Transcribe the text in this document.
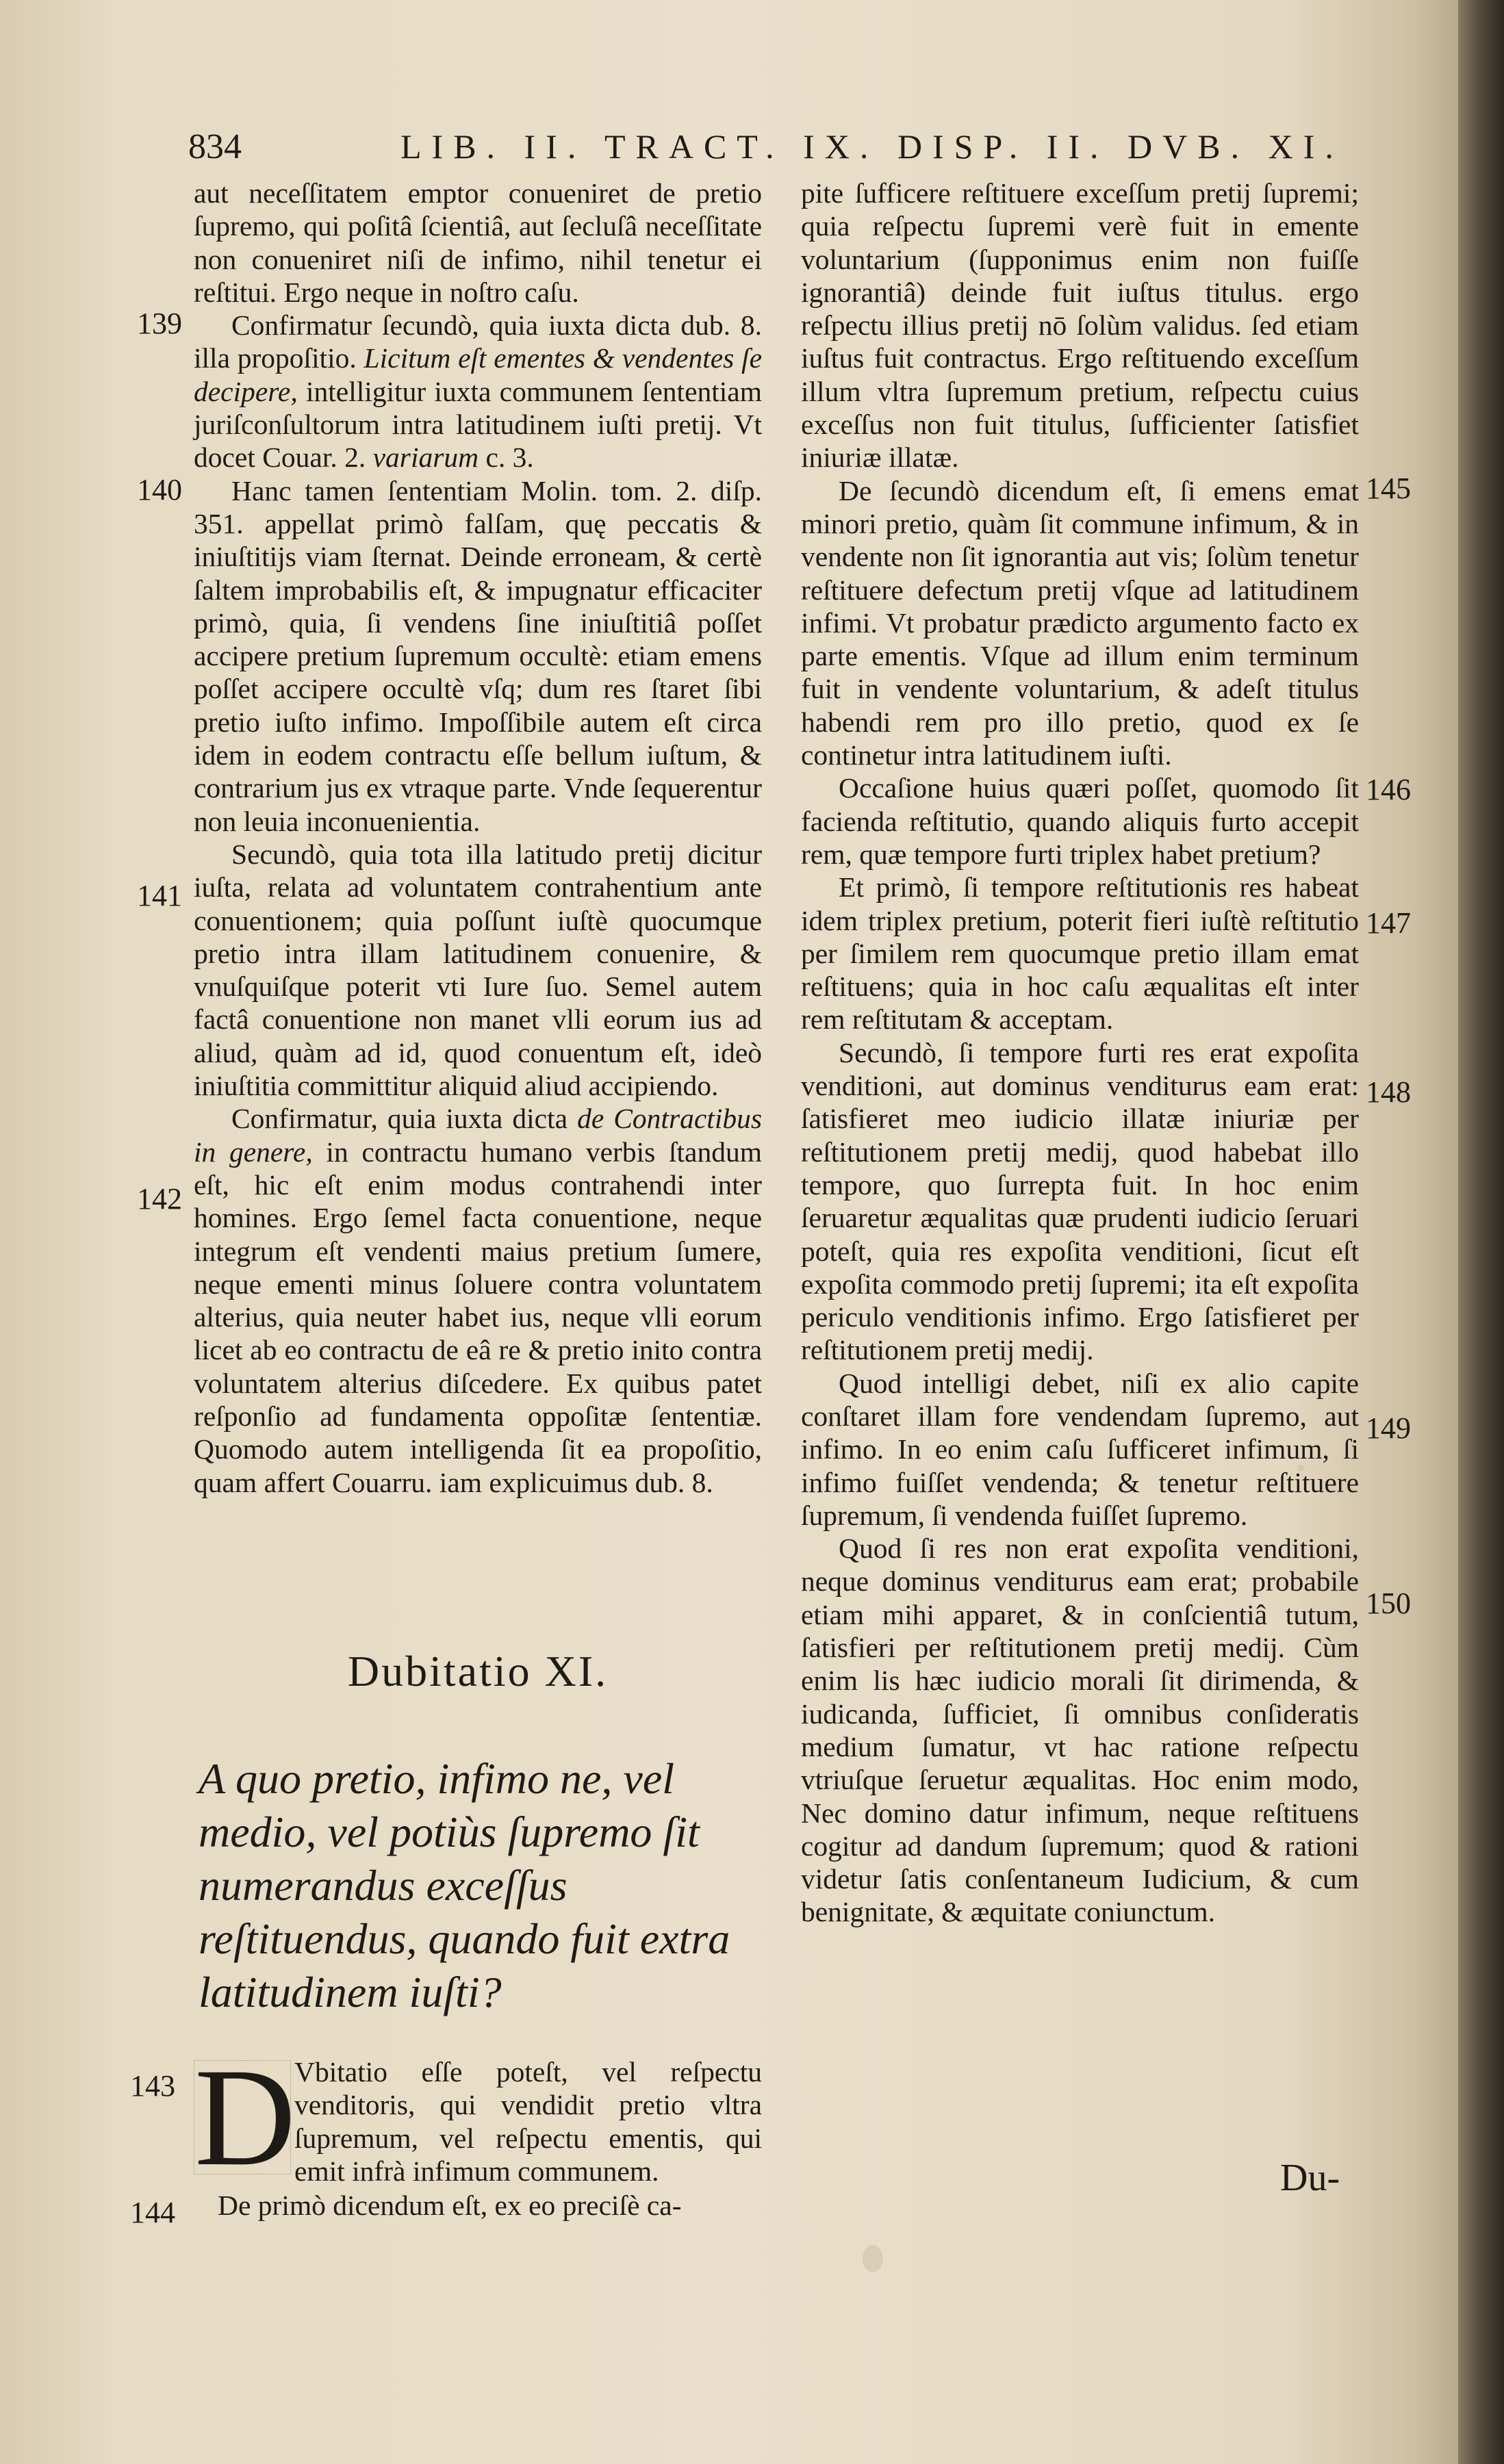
834	LIB. II. TRACT. IX. DISP. II. DVB. XI.

aut neceſſitatem emptor conueniret de pretio ſupremo, qui poſitâ ſcientiâ, aut ſecluſâ neceſſitate non conueniret niſi de infimo, nihil tenetur ei reſtitui. Ergo neque in noſtro caſu.

Confirmatur ſecundò, quia iuxta dicta dub. 8. illa propoſitio. Licitum eſt ementes & vendentes ſe decipere, intelligitur iuxta communem ſententiam juriſconſultorum intra latitudinem iuſti pretij. Vt docet Couar. 2. variarum c. 3.

Hanc tamen ſententiam Molin. tom. 2. diſp. 351. appellat primò falſam, quę peccatis & iniuſtitijs viam ſternat. Deinde erroneam, & certè ſaltem improbabilis eſt, & impugnatur efficaciter primò, quia, ſi vendens ſine iniuſtitiâ poſſet accipere pretium ſupremum occultè: etiam emens poſſet accipere occultè vſq; dum res ſtaret ſibi pretio iuſto infimo. Impoſſibile autem eſt circa idem in eodem contractu eſſe bellum iuſtum, & contrarium jus ex vtraque parte. Vnde ſequerentur non leuia inconuenientia.

Secundò, quia tota illa latitudo pretij dicitur iuſta, relata ad voluntatem contrahentium ante conuentionem; quia poſſunt iuſtè quocumque pretio intra illam latitudinem conuenire, & vnuſquiſque poterit vti Iure ſuo. Semel autem factâ conuentione non manet vlli eorum ius ad aliud, quàm ad id, quod conuentum eſt, ideò iniuſtitia committitur aliquid aliud accipiendo.

Confirmatur, quia iuxta dicta de Contractibus in genere, in contractu humano verbis ſtandum eſt, hic eſt enim modus contrahendi inter homines. Ergo ſemel facta conuentione, neque integrum eſt vendenti maius pretium ſumere, neque ementi minus ſoluere contra voluntatem alterius, quia neuter habet ius, neque vlli eorum licet ab eo contractu de eâ re & pretio inito contra voluntatem alterius diſcedere. Ex quibus patet reſponſio ad fundamenta oppoſitæ ſententiæ. Quomodo autem intelligenda ſit ea propoſitio, quam affert Couarru. iam explicuimus dub. 8.

Dubitatio XI.
A quo pretio, infimo ne, vel medio, vel potiùs ſupremo ſit numerandus exceſſus reſtituendus, quando fuit extra latitudinem iuſti?
D
Vbitatio eſſe poteſt, vel reſpectu venditoris, qui vendidit pretio vltra ſupremum, vel reſpectu ementis, qui emit infrà infimum communem.
De primò dicendum eſt, ex eo preciſè ca-

pite ſufficere reſtituere exceſſum pretij ſupremi; quia reſpectu ſupremi verè fuit in emente voluntarium (ſupponimus enim non fuiſſe ignorantiâ) deinde fuit iuſtus titulus. ergo reſpectu illius pretij nō ſolùm validus. ſed etiam iuſtus fuit contractus. Ergo reſtituendo exceſſum illum vltra ſupremum pretium, reſpectu cuius exceſſus non fuit titulus, ſufficienter ſatisfiet iniuriæ illatæ.

De ſecundò dicendum eſt, ſi emens emat minori pretio, quàm ſit commune infimum, & in vendente non ſit ignorantia aut vis; ſolùm tenetur reſtituere defectum pretij vſque ad latitudinem infimi. Vt probatur prædicto argumento facto ex parte ementis. Vſque ad illum enim terminum fuit in vendente voluntarium, & adeſt titulus habendi rem pro illo pretio, quod ex ſe continetur intra latitudinem iuſti.

Occaſione huius quæri poſſet, quomodo ſit facienda reſtitutio, quando aliquis furto accepit rem, quæ tempore furti triplex habet pretium?

Et primò, ſi tempore reſtitutionis res habeat idem triplex pretium, poterit fieri iuſtè reſtitutio per ſimilem rem quocumque pretio illam emat reſtituens; quia in hoc caſu æqualitas eſt inter rem reſtitutam & acceptam.

Secundò, ſi tempore furti res erat expoſita venditioni, aut dominus venditurus eam erat: ſatisfieret meo iudicio illatæ iniuriæ per reſtitutionem pretij medij, quod habebat illo tempore, quo ſurrepta fuit. In hoc enim ſeruaretur æqualitas quæ prudenti iudicio ſeruari poteſt, quia res expoſita venditioni, ſicut eſt expoſita commodo pretij ſupremi; ita eſt expoſita periculo venditionis infimo. Ergo ſatisfieret per reſtitutionem pretij medij.

Quod intelligi debet, niſi ex alio capite conſtaret illam fore vendendam ſupremo, aut infimo. In eo enim caſu ſufficeret infimum, ſi infimo fuiſſet vendenda; & tenetur reſtituere ſupremum, ſi vendenda fuiſſet ſupremo.

Quod ſi res non erat expoſita venditioni, neque dominus venditurus eam erat; probabile etiam mihi apparet, & in conſcientiâ tutum, ſatisfieri per reſtitutionem pretij medij. Cùm enim lis hæc iudicio morali ſit dirimenda, & iudicanda, ſufficiet, ſi omnibus conſideratis medium ſumatur, vt hac ratione reſpectu vtriuſque ſeruetur æqualitas. Hoc enim modo, Nec domino datur infimum, neque reſtituens cogitur ad dandum ſupremum; quod & rationi videtur ſatis conſentaneum Iudicium, & cum benignitate, & æquitate coniunctum.

Du-
139
140
141
142
143
144
145
146
147
148
149
150
